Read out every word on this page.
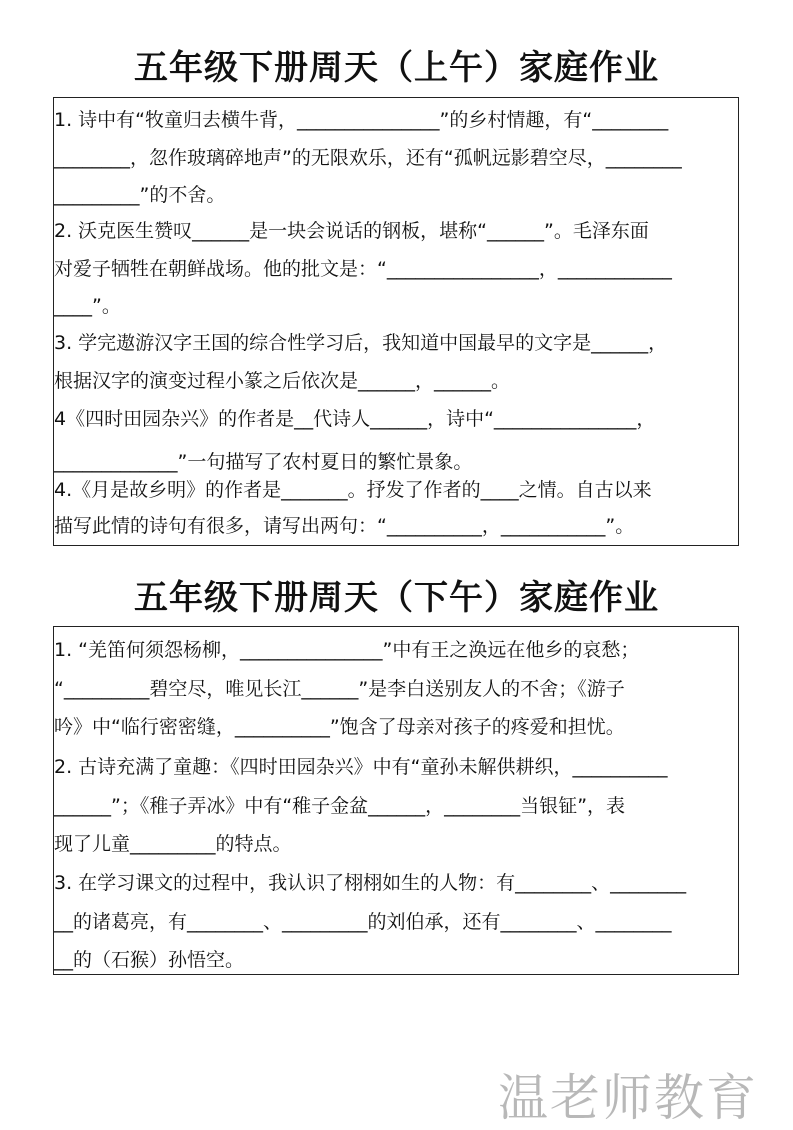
五年级下册周天（上午）家庭作业
1. 诗中有“牧童归去横牛背，_______________”的乡村情趣，有“________
________，忽作玻璃碎地声”的无限欢乐，还有“孤帆远影碧空尽，________
_________”的不舍。
2. 沃克医生赞叹______是一块会说话的钢板，堪称“______”。毛泽东面
对爱子牺牲在朝鲜战场。他的批文是：“________________，____________
____”。
3. 学完遨游汉字王国的综合性学习后，我知道中国最早的文字是______，
根据汉字的演变过程小篆之后依次是______，______。
4《四时田园杂兴》的作者是__代诗人______，诗中“_______________，
_____________”一句描写了农村夏日的繁忙景象。
4.《月是故乡明》的作者是_______。抒发了作者的____之情。自古以来
描写此情的诗句有很多，请写出两句：“__________，___________”。
五年级下册周天（下午）家庭作业
1. “羌笛何须怨杨柳，_______________”中有王之涣远在他乡的哀愁；
“_________碧空尽，唯见长江______”是李白送别友人的不舍；《游子
吟》中“临行密密缝，__________”饱含了母亲对孩子的疼爱和担忧。
2. 古诗充满了童趣：《四时田园杂兴》中有“童孙未解供耕织，__________
______”；《稚子弄冰》中有“稚子金盆______，________当银钲”，表
现了儿童_________的特点。
3. 在学习课文的过程中，我认识了栩栩如生的人物：有________、________
__的诸葛亮，有________、_________的刘伯承，还有________、________
__的（石猴）孙悟空。
温老师教育
